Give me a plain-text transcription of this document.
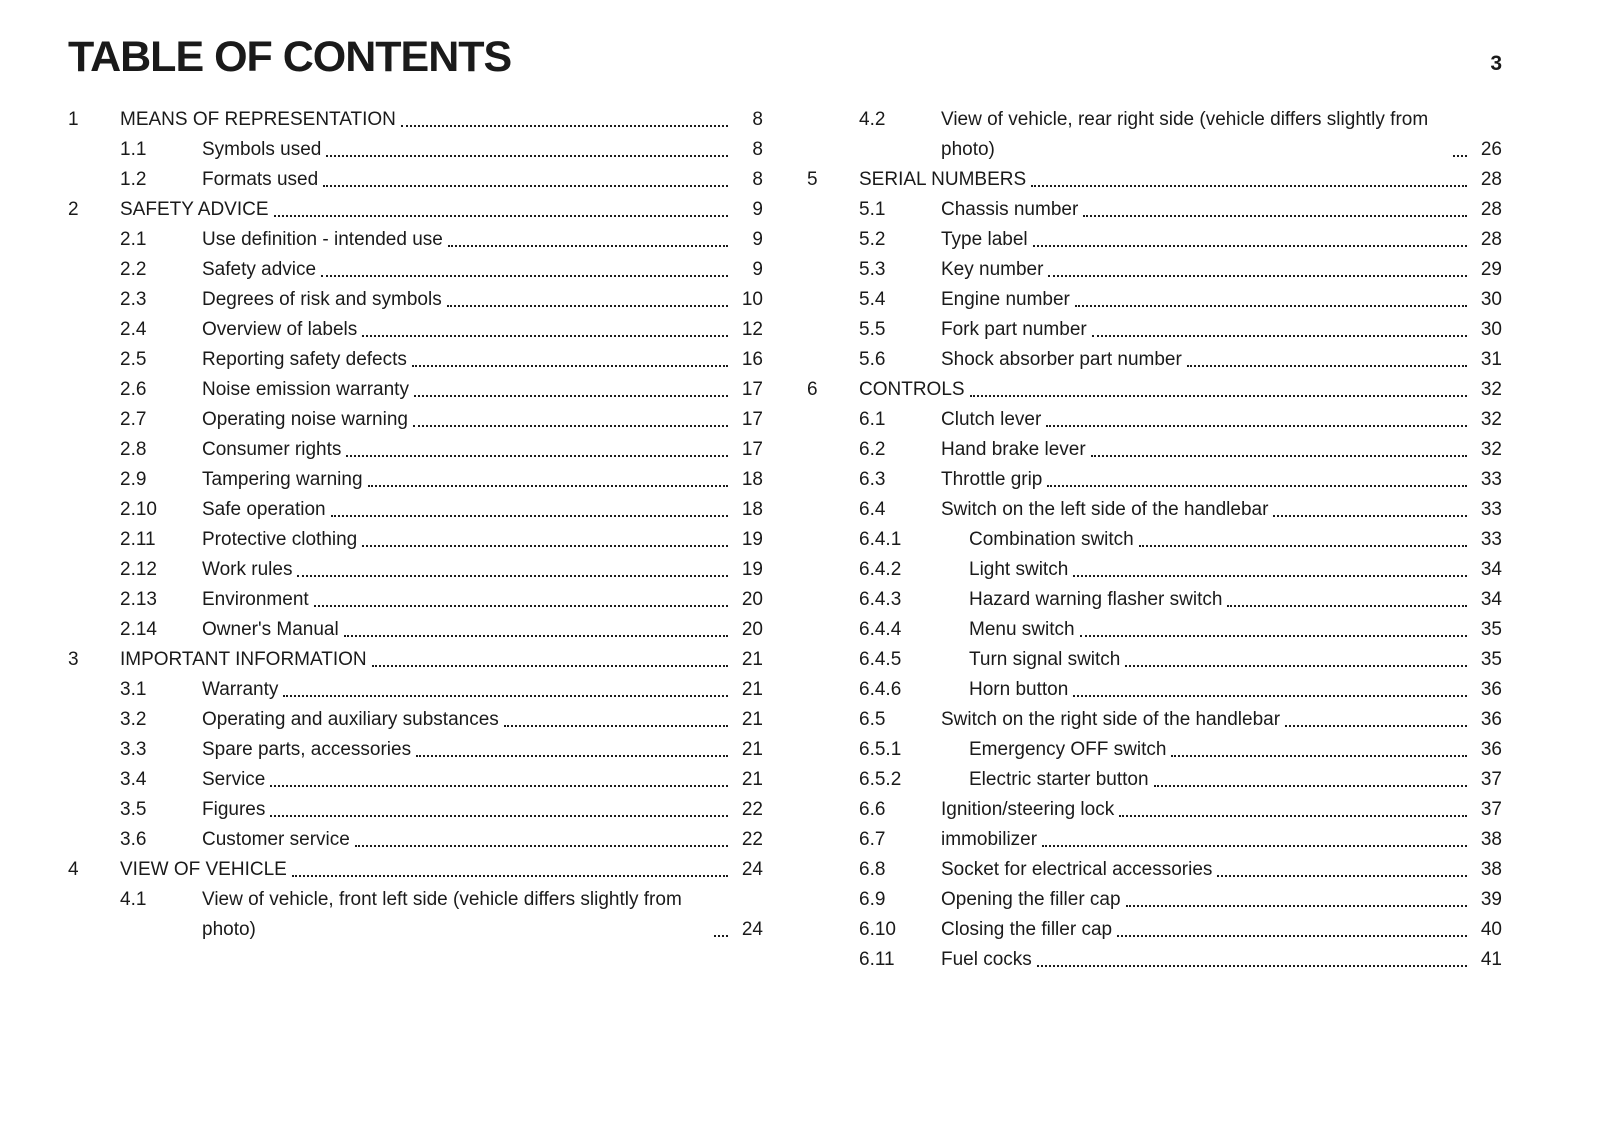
TABLE OF CONTENTS	3
1	MEANS OF REPRESENTATION	8
1.1	Symbols used	8
1.2	Formats used	8
2	SAFETY ADVICE	9
2.1	Use definition - intended use	9
2.2	Safety advice	9
2.3	Degrees of risk and symbols	10
2.4	Overview of labels	12
2.5	Reporting safety defects	16
2.6	Noise emission warranty	17
2.7	Operating noise warning	17
2.8	Consumer rights	17
2.9	Tampering warning	18
2.10	Safe operation	18
2.11	Protective clothing	19
2.12	Work rules	19
2.13	Environment	20
2.14	Owner's Manual	20
3	IMPORTANT INFORMATION	21
3.1	Warranty	21
3.2	Operating and auxiliary substances	21
3.3	Spare parts, accessories	21
3.4	Service	21
3.5	Figures	22
3.6	Customer service	22
4	VIEW OF VEHICLE	24
4.1	View of vehicle, front left side (vehicle differs slightly from photo)	24
4.2	View of vehicle, rear right side (vehicle differs slightly from photo)	26
5	SERIAL NUMBERS	28
5.1	Chassis number	28
5.2	Type label	28
5.3	Key number	29
5.4	Engine number	30
5.5	Fork part number	30
5.6	Shock absorber part number	31
6	CONTROLS	32
6.1	Clutch lever	32
6.2	Hand brake lever	32
6.3	Throttle grip	33
6.4	Switch on the left side of the handlebar	33
6.4.1	Combination switch	33
6.4.2	Light switch	34
6.4.3	Hazard warning flasher switch	34
6.4.4	Menu switch	35
6.4.5	Turn signal switch	35
6.4.6	Horn button	36
6.5	Switch on the right side of the handlebar	36
6.5.1	Emergency OFF switch	36
6.5.2	Electric starter button	37
6.6	Ignition/steering lock	37
6.7	immobilizer	38
6.8	Socket for electrical accessories	38
6.9	Opening the filler cap	39
6.10	Closing the filler cap	40
6.11	Fuel cocks	41
